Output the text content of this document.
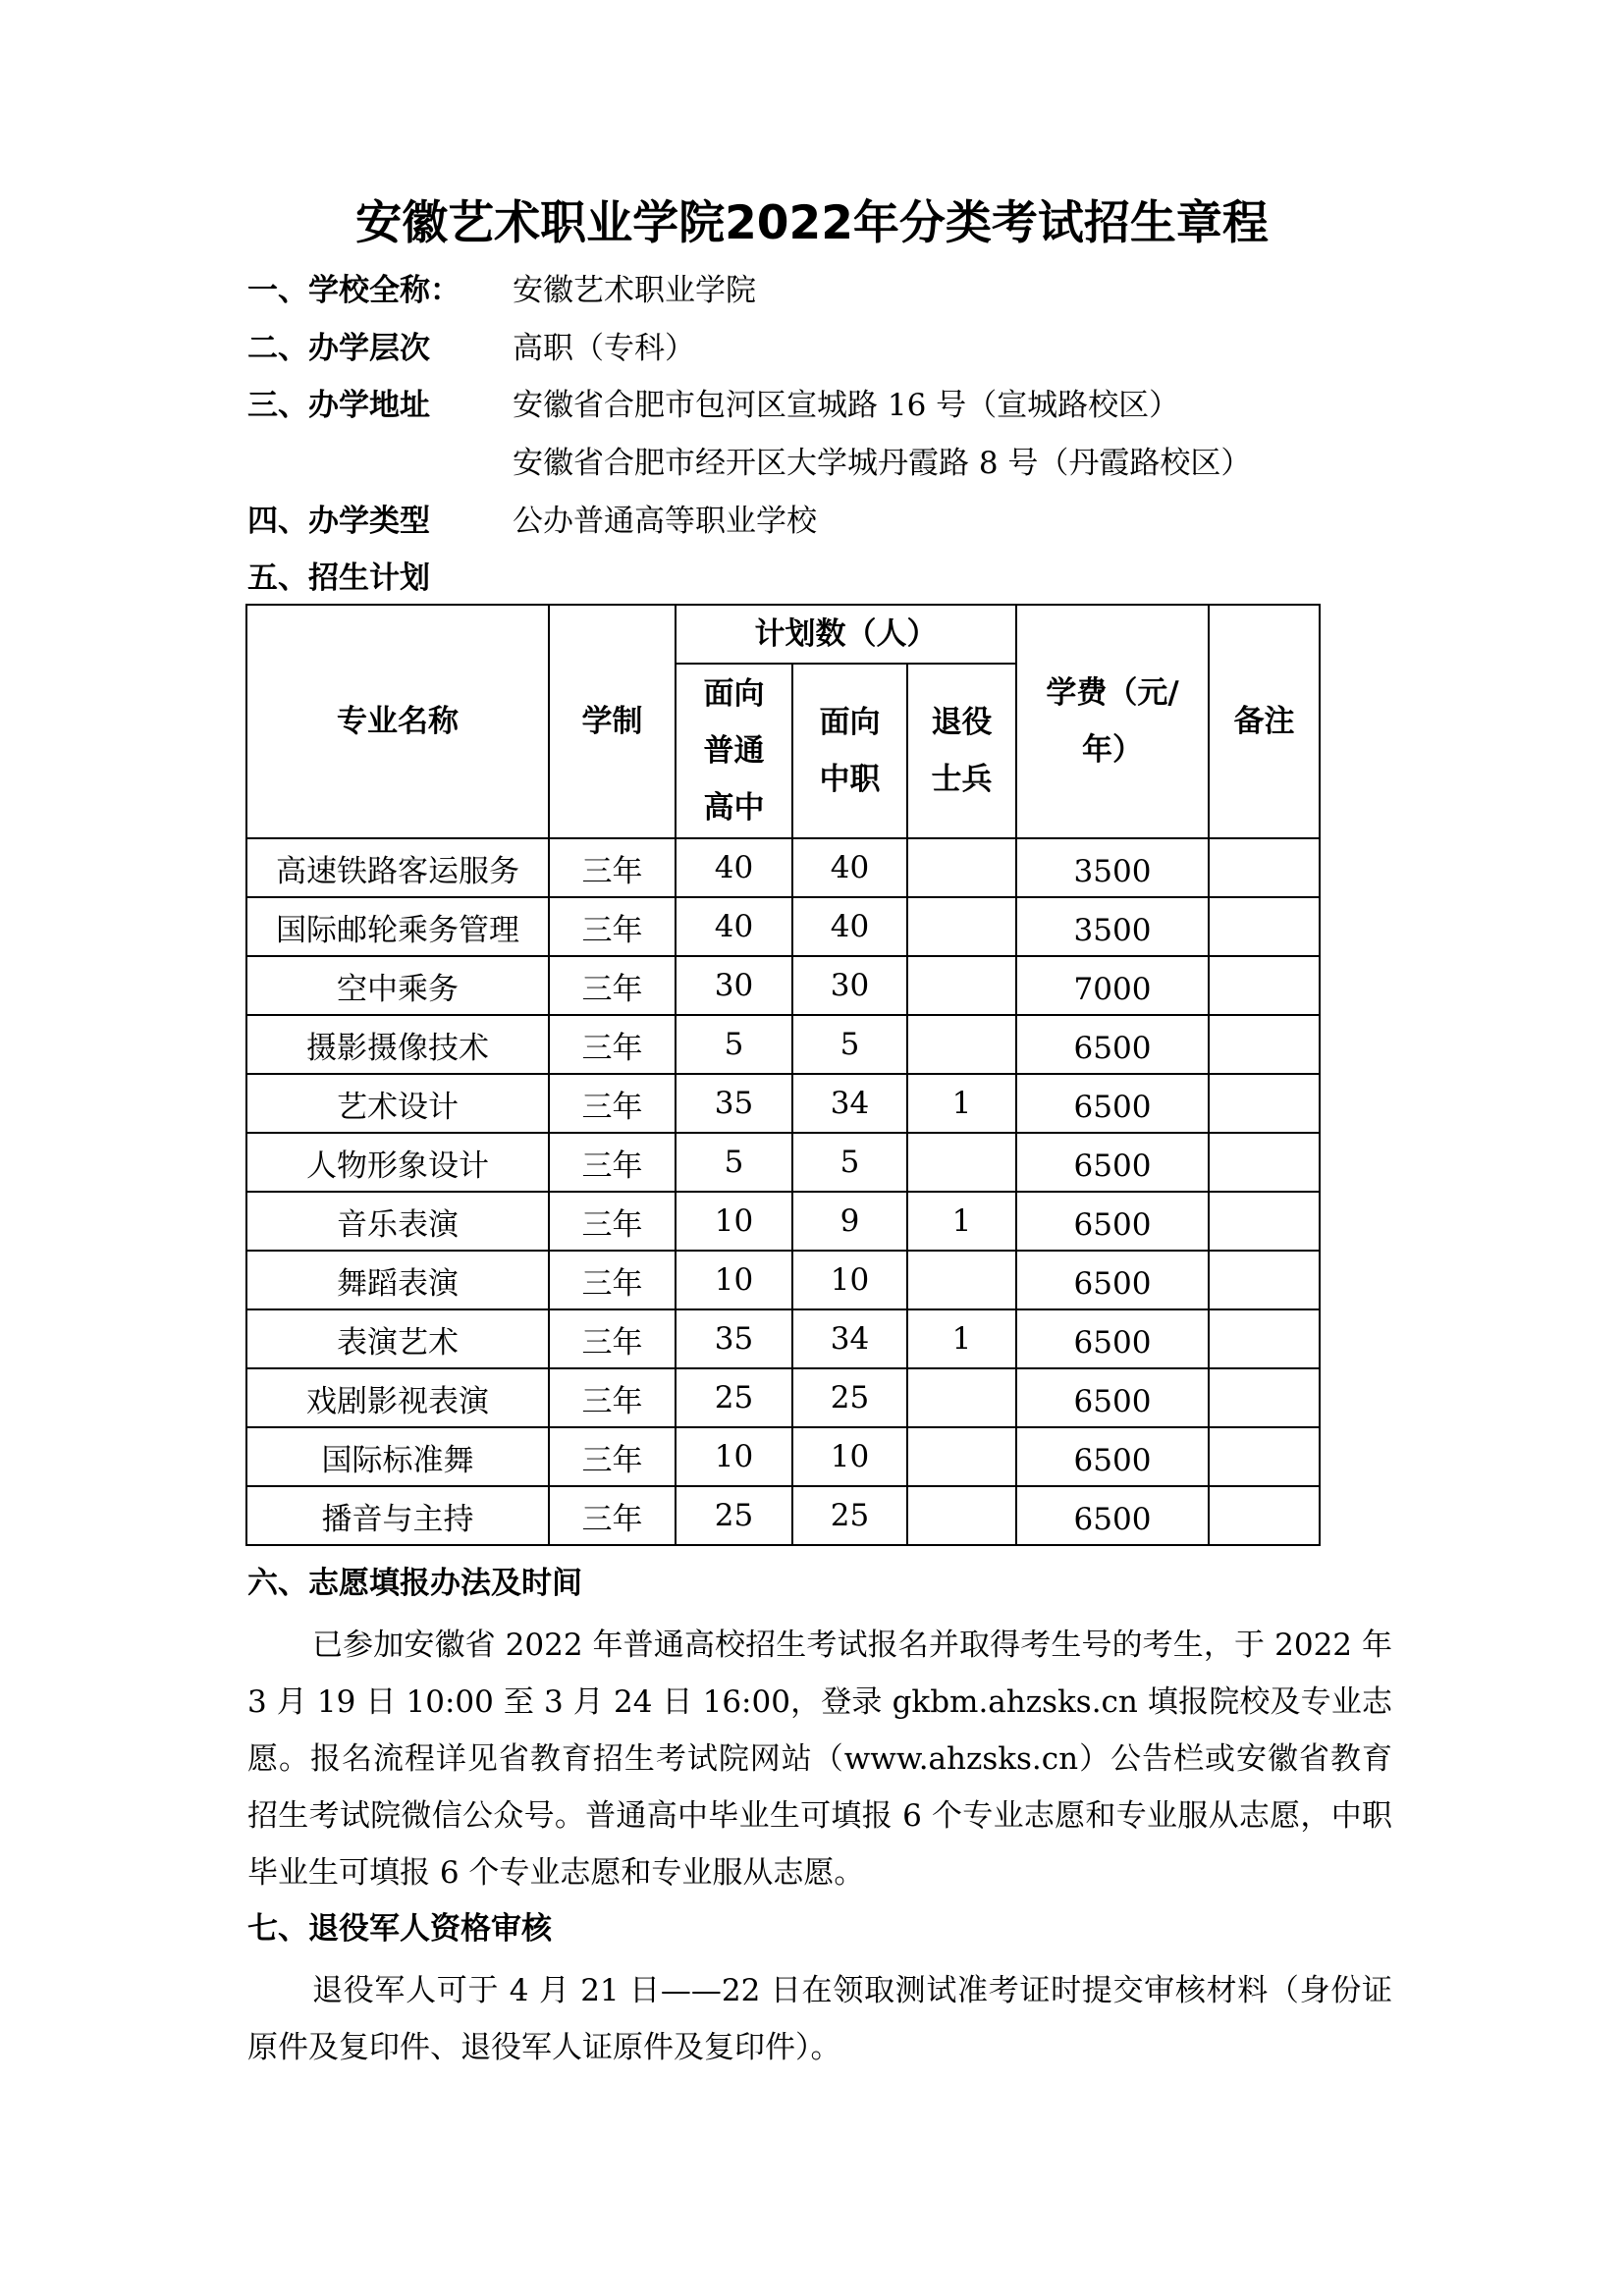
安徽艺术职业学院2022年分类考试招生章程
一、学校全称： 安徽艺术职业学院
二、办学层次	高职（专科）
三、办学地址	安徽省合肥市包河区宣城路 16 号（宣城路校区）
安徽省合肥市经开区大学城丹霞路 8 号（丹霞路校区）
四、办学类型	公办普通高等职业学校
五、招生计划
专业名称	学制	计划数（人）			学费（元/年）	备注

		面向普通高中	面向中职	退役士兵		

高速铁路客运服务	三年	40	40		3500	
国际邮轮乘务管理	三年	40	40		3500	
空中乘务	三年	30	30		7000	
摄影摄像技术	三年	5	5		6500	
艺术设计	三年	35	34	1	6500	
人物形象设计	三年	5	5		6500	
音乐表演	三年	10	9	1	6500	
舞蹈表演	三年	10	10		6500	
表演艺术	三年	35	34	1	6500	
戏剧影视表演	三年	25	25		6500	
国际标准舞	三年	10	10		6500	
播音与主持	三年	25	25		6500	
六、志愿填报办法及时间

已参加安徽省 2022 年普通高校招生考试报名并取得考生号的考生，于 2022 年 3 月 19 日 10:00 至 3 月 24 日 16:00，登录 gkbm.ahzsks.cn 填报院校及专业志愿。报名流程详见省教育招生考试院网站（www.ahzsks.cn）公告栏或安徽省教育招生考试院微信公众号。普通高中毕业生可填报 6 个专业志愿和专业服从志愿，中职毕业生可填报 6 个专业志愿和专业服从志愿。

七、退役军人资格审核

退役军人可于 4 月 21 日——22 日在领取测试准考证时提交审核材料（身份证原件及复印件、退役军人证原件及复印件）。
